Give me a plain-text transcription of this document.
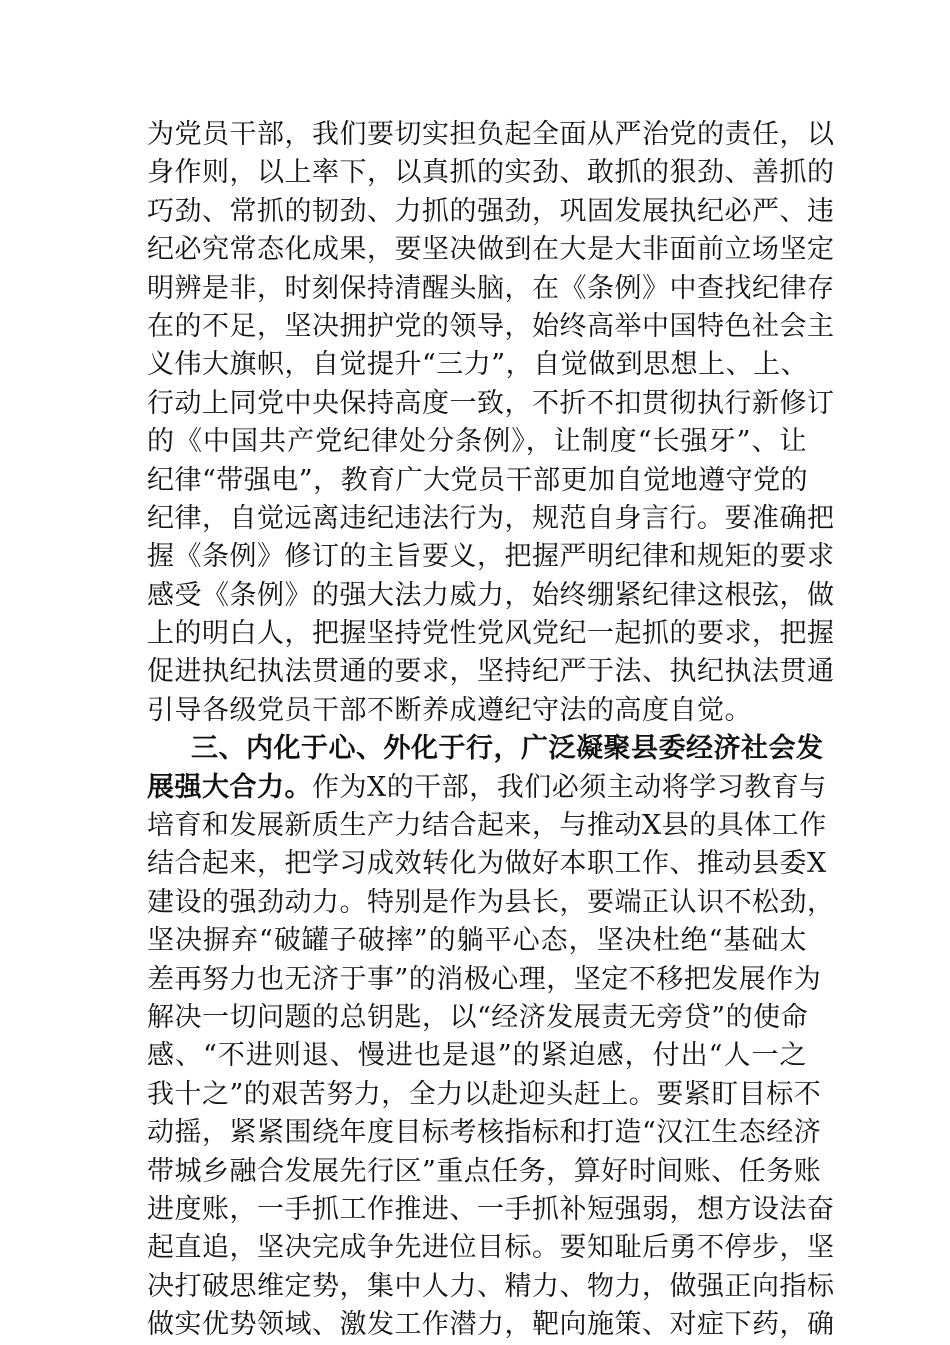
为党员干部，我们要切实担负起全面从严治党的责任，以
身作则，以上率下，以真抓的实劲、敢抓的狠劲、善抓的
巧劲、常抓的韧劲、力抓的强劲，巩固发展执纪必严、违
纪必究常态化成果，要坚决做到在大是大非面前立场坚定
明辨是非，时刻保持清醒头脑，在《条例》中查找纪律存
在的不足，坚决拥护党的领导，始终高举中国特色社会主
义伟大旗帜，自觉提升“三力”，自觉做到思想上、上、
行动上同党中央保持高度一致，不折不扣贯彻执行新修订
的《中国共产党纪律处分条例》，让制度“长强牙”、让
纪律“带强电”，教育广大党员干部更加自觉地遵守党的
纪律，自觉远离违纪违法行为，规范自身言行。要准确把
握《条例》修订的主旨要义，把握严明纪律和规矩的要求
感受《条例》的强大法力威力，始终绷紧纪律这根弦，做
上的明白人，把握坚持党性党风党纪一起抓的要求，把握
促进执纪执法贯通的要求，坚持纪严于法、执纪执法贯通
引导各级党员干部不断养成遵纪守法的高度自觉。
三、内化于心、外化于行，广泛凝聚县委经济社会发
展强大合力。作为X的干部，我们必须主动将学习教育与
培育和发展新质生产力结合起来，与推动X县的具体工作
结合起来，把学习成效转化为做好本职工作、推动县委X
建设的强劲动力。特别是作为县长，要端正认识不松劲，
坚决摒弃“破罐子破摔”的躺平心态，坚决杜绝“基础太
差再努力也无济于事”的消极心理，坚定不移把发展作为
解决一切问题的总钥匙，以“经济发展责无旁贷”的使命
感、“不进则退、慢进也是退”的紧迫感，付出“人一之
我十之”的艰苦努力，全力以赴迎头赶上。要紧盯目标不
动摇，紧紧围绕年度目标考核指标和打造“汉江生态经济
带城乡融合发展先行区”重点任务，算好时间账、任务账
进度账，一手抓工作推进、一手抓补短强弱，想方设法奋
起直追，坚决完成争先进位目标。要知耻后勇不停步，坚
决打破思维定势，集中人力、精力、物力，做强正向指标
做实优势领域、激发工作潜力，靶向施策、对症下药，确
